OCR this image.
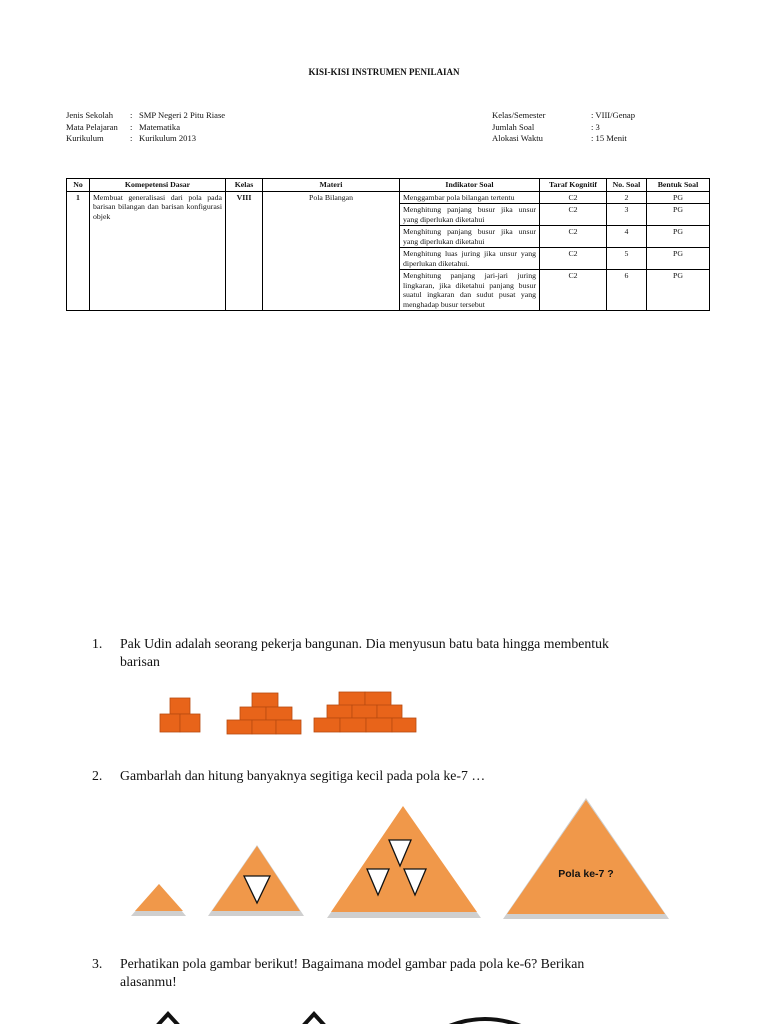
KISI-KISI INSTRUMEN PENILAIAN
Jenis Sekolah	: SMP Negeri 2 Pitu Riase
Mata Pelajaran	: Matematika
Kurikulum	: Kurikulum 2013
Kelas/Semester	: VIII/Genap
Jumlah Soal	: 3
Alokasi Waktu	: 15 Menit
No	Komepetensi Dasar	Kelas	Materi	Indikator Soal	Taraf Kognitif	No. Soal	Bentuk Soal
1	Membuat generalisasi dari pola pada barisan bilangan dan barisan konfigurasi objek	VIII	Pola Bilangan	Menggambar pola bilangan tertentu	C2	2	PG
				Menghitung panjang busur jika unsur yang diperlukan diketahui	C2	3	PG
				Menghitung panjang busur jika unsur yang diperlukan diketahui	C2	4	PG
				Menghitung luas juring jika unsur yang diperlukan diketahui.	C2	5	PG
				Menghitung panjang jari-jari juring lingkaran, jika diketahui panjang busur suatul ingkaran dan sudut pusat yang menghadap busur tersebut	C2	6	PG
1. Pak Udin adalah seorang pekerja bangunan. Dia menyusun batu bata hingga membentuk
barisan
2. Gambarlah dan hitung banyaknya segitiga kecil pada pola ke-7 …
3. Perhatikan pola gambar berikut! Bagaimana model gambar pada pola ke-6? Berikan
alasanmu!
Pola ke-7 ?
